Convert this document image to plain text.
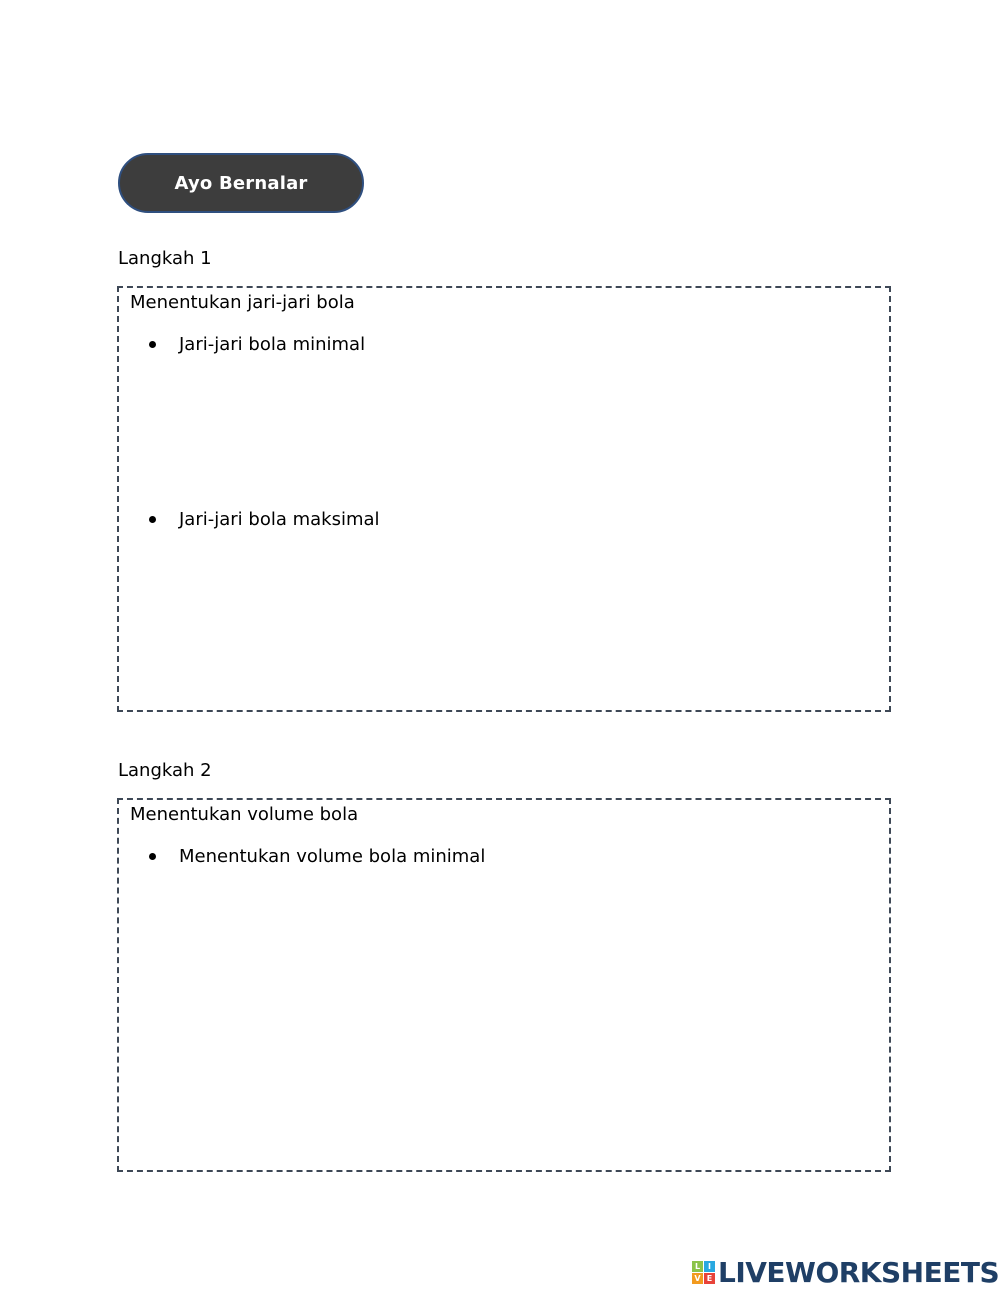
Ayo Bernalar
Langkah 1
Menentukan jari-jari bola
Jari-jari bola minimal
Jari-jari bola maksimal
Langkah 2
Menentukan volume bola
Menentukan volume bola minimal
L I
V E LIVEWORKSHEETS
